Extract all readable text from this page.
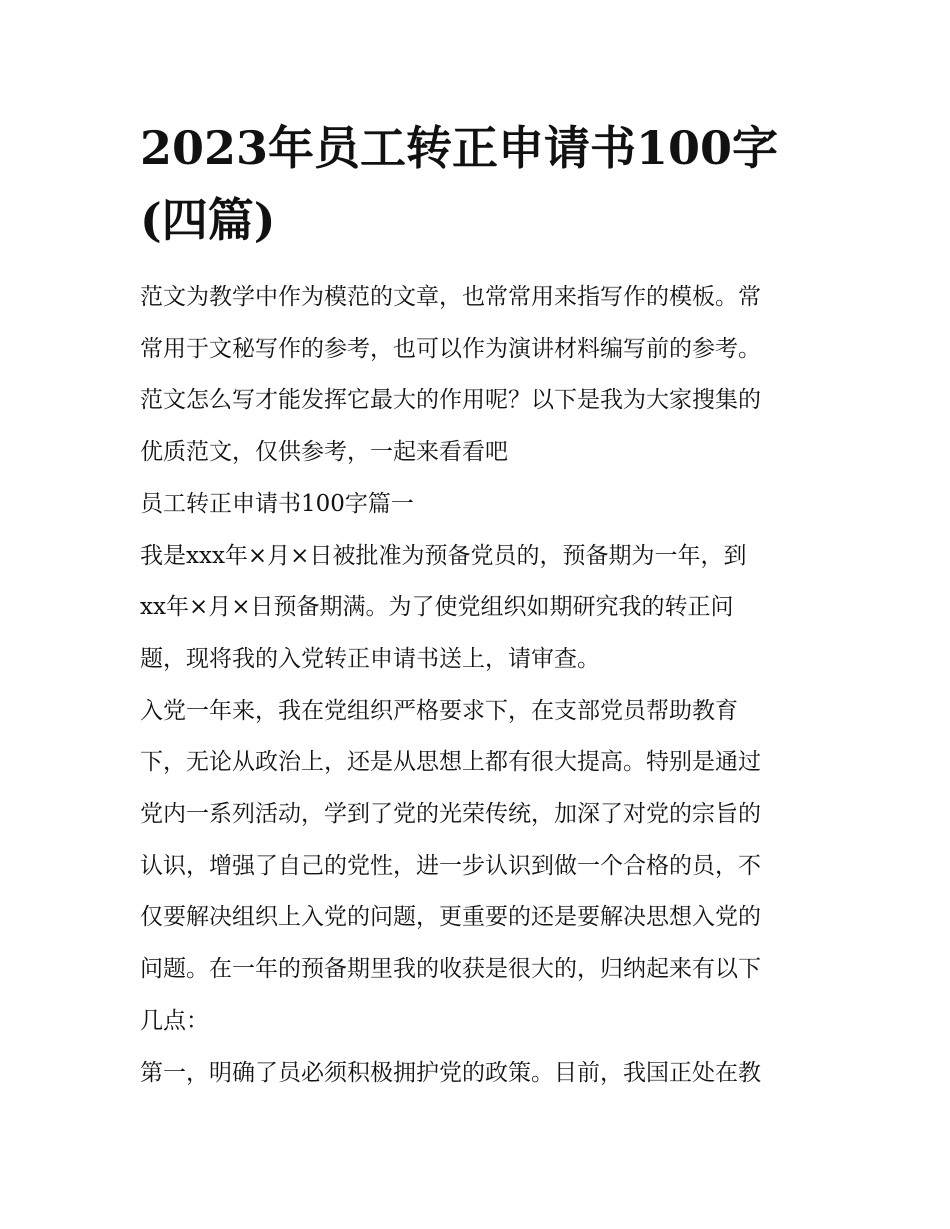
2023年员工转正申请书100字
(四篇)
范文为教学中作为模范的文章，也常常用来指写作的模板。常
常用于文秘写作的参考，也可以作为演讲材料编写前的参考。
范文怎么写才能发挥它最大的作用呢？以下是我为大家搜集的
优质范文，仅供参考，一起来看看吧
员工转正申请书100字篇一
我是xxx年×月×日被批准为预备党员的，预备期为一年，到
xx年×月×日预备期满。为了使党组织如期研究我的转正问
题，现将我的入党转正申请书送上，请审查。
入党一年来，我在党组织严格要求下，在支部党员帮助教育
下，无论从政治上，还是从思想上都有很大提高。特别是通过
党内一系列活动，学到了党的光荣传统，加深了对党的宗旨的
认识，增强了自己的党性，进一步认识到做一个合格的员，不
仅要解决组织上入党的问题，更重要的还是要解决思想入党的
问题。在一年的预备期里我的收获是很大的，归纳起来有以下
几点：
第一，明确了员必须积极拥护党的政策。目前，我国正处在教
